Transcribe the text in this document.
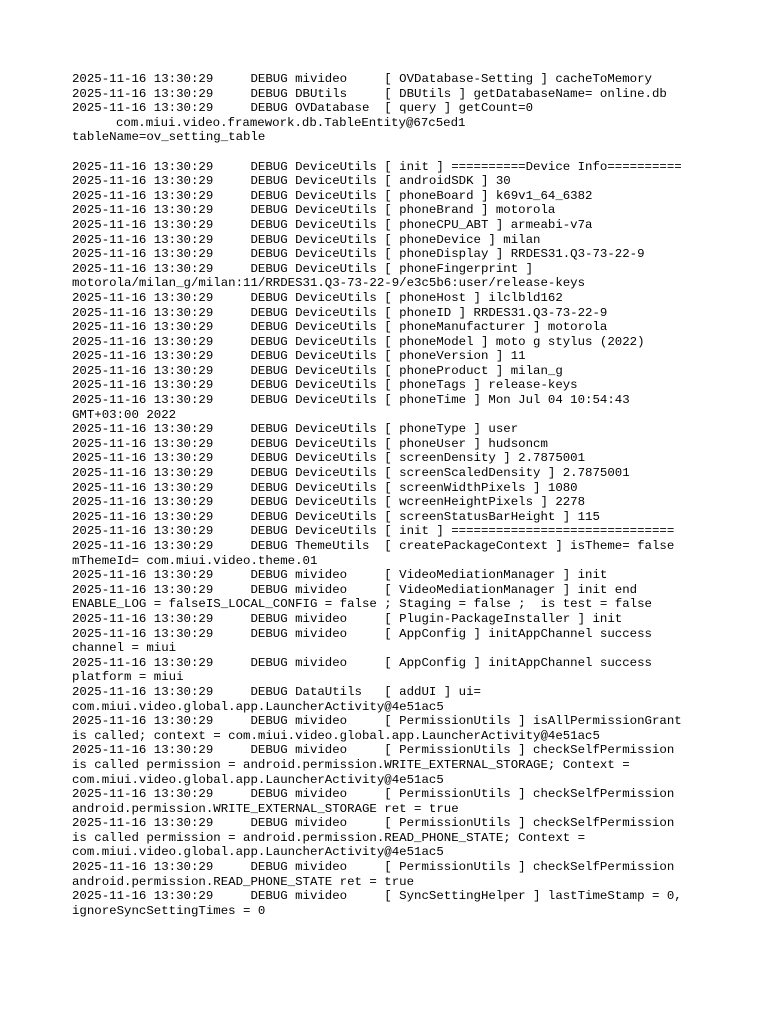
2025-11-16 13:30:29     DEBUG mivideo     [ OVDatabase-Setting ] cacheToMemory
2025-11-16 13:30:29     DEBUG DBUtils     [ DBUtils ] getDatabaseName= online.db
2025-11-16 13:30:29     DEBUG OVDatabase  [ query ] getCount=0
com.miui.video.framework.db.TableEntity@67c5ed1
tableName=ov_setting_table
2025-11-16 13:30:29     DEBUG DeviceUtils [ init ] ==========Device Info==========
2025-11-16 13:30:29     DEBUG DeviceUtils [ androidSDK ] 30
2025-11-16 13:30:29     DEBUG DeviceUtils [ phoneBoard ] k69v1_64_6382
2025-11-16 13:30:29     DEBUG DeviceUtils [ phoneBrand ] motorola
2025-11-16 13:30:29     DEBUG DeviceUtils [ phoneCPU_ABT ] armeabi-v7a
2025-11-16 13:30:29     DEBUG DeviceUtils [ phoneDevice ] milan
2025-11-16 13:30:29     DEBUG DeviceUtils [ phoneDisplay ] RRDES31.Q3-73-22-9
2025-11-16 13:30:29     DEBUG DeviceUtils [ phoneFingerprint ]
motorola/milan_g/milan:11/RRDES31.Q3-73-22-9/e3c5b6:user/release-keys
2025-11-16 13:30:29     DEBUG DeviceUtils [ phoneHost ] ilclbld162
2025-11-16 13:30:29     DEBUG DeviceUtils [ phoneID ] RRDES31.Q3-73-22-9
2025-11-16 13:30:29     DEBUG DeviceUtils [ phoneManufacturer ] motorola
2025-11-16 13:30:29     DEBUG DeviceUtils [ phoneModel ] moto g stylus (2022)
2025-11-16 13:30:29     DEBUG DeviceUtils [ phoneVersion ] 11
2025-11-16 13:30:29     DEBUG DeviceUtils [ phoneProduct ] milan_g
2025-11-16 13:30:29     DEBUG DeviceUtils [ phoneTags ] release-keys
2025-11-16 13:30:29     DEBUG DeviceUtils [ phoneTime ] Mon Jul 04 10:54:43
GMT+03:00 2022
2025-11-16 13:30:29     DEBUG DeviceUtils [ phoneType ] user
2025-11-16 13:30:29     DEBUG DeviceUtils [ phoneUser ] hudsoncm
2025-11-16 13:30:29     DEBUG DeviceUtils [ screenDensity ] 2.7875001
2025-11-16 13:30:29     DEBUG DeviceUtils [ screenScaledDensity ] 2.7875001
2025-11-16 13:30:29     DEBUG DeviceUtils [ screenWidthPixels ] 1080
2025-11-16 13:30:29     DEBUG DeviceUtils [ wcreenHeightPixels ] 2278
2025-11-16 13:30:29     DEBUG DeviceUtils [ screenStatusBarHeight ] 115
2025-11-16 13:30:29     DEBUG DeviceUtils [ init ] ==============================
2025-11-16 13:30:29     DEBUG ThemeUtils  [ createPackageContext ] isTheme= false
mThemeId= com.miui.video.theme.01
2025-11-16 13:30:29     DEBUG mivideo     [ VideoMediationManager ] init
2025-11-16 13:30:29     DEBUG mivideo     [ VideoMediationManager ] init end
ENABLE_LOG = falseIS_LOCAL_CONFIG = false ; Staging = false ;  is test = false
2025-11-16 13:30:29     DEBUG mivideo     [ Plugin-PackageInstaller ] init
2025-11-16 13:30:29     DEBUG mivideo     [ AppConfig ] initAppChannel success
channel = miui
2025-11-16 13:30:29     DEBUG mivideo     [ AppConfig ] initAppChannel success
platform = miui
2025-11-16 13:30:29     DEBUG DataUtils   [ addUI ] ui=
com.miui.video.global.app.LauncherActivity@4e51ac5
2025-11-16 13:30:29     DEBUG mivideo     [ PermissionUtils ] isAllPermissionGrant
is called; context = com.miui.video.global.app.LauncherActivity@4e51ac5
2025-11-16 13:30:29     DEBUG mivideo     [ PermissionUtils ] checkSelfPermission
is called permission = android.permission.WRITE_EXTERNAL_STORAGE; Context =
com.miui.video.global.app.LauncherActivity@4e51ac5
2025-11-16 13:30:29     DEBUG mivideo     [ PermissionUtils ] checkSelfPermission
android.permission.WRITE_EXTERNAL_STORAGE ret = true
2025-11-16 13:30:29     DEBUG mivideo     [ PermissionUtils ] checkSelfPermission
is called permission = android.permission.READ_PHONE_STATE; Context =
com.miui.video.global.app.LauncherActivity@4e51ac5
2025-11-16 13:30:29     DEBUG mivideo     [ PermissionUtils ] checkSelfPermission
android.permission.READ_PHONE_STATE ret = true
2025-11-16 13:30:29     DEBUG mivideo     [ SyncSettingHelper ] lastTimeStamp = 0,
ignoreSyncSettingTimes = 0
